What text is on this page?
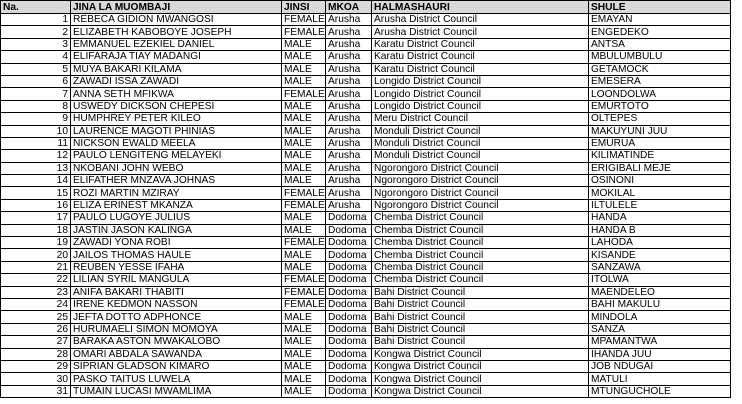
Na.	JINA LA MUOMBAJI	JINSI	MKOA	HALMASHAURI	SHULE
1	REBECA GIDION MWANGOSI	FEMALE	Arusha	Arusha District Council	EMAYAN
2	ELIZABETH KABOBOYE JOSEPH	FEMALE	Arusha	Arusha District Council	ENGEDEKO
3	EMMANUEL EZEKIEL DANIEL	MALE	Arusha	Karatu District Council	ANTSA
4	ELIFARAJA TIAY MADANGI	MALE	Arusha	Karatu District Council	MBULUMBULU
5	MUYA BAKARI KILAMA	MALE	Arusha	Karatu District Council	GETAMOCK
6	ZAWADI ISSA ZAWADI	MALE	Arusha	Longido District Council	EMESERA
7	ANNA SETH MFIKWA	FEMALE	Arusha	Longido District Council	LOONDOLWA
8	USWEDY DICKSON CHEPESI	MALE	Arusha	Longido District Council	EMURTOTO
9	HUMPHREY PETER KILEO	MALE	Arusha	Meru District Council	OLTEPES
10	LAURENCE MAGOTI PHINIAS	MALE	Arusha	Monduli District Council	MAKUYUNI JUU
11	NICKSON EWALD MEELA	MALE	Arusha	Monduli District Council	EMURUA
12	PAULO LENGITENG MELAYEKI	MALE	Arusha	Monduli District Council	KILIMATINDE
13	NKOBANI JOHN WEBO	MALE	Arusha	Ngorongoro District Council	ERIGIBALI MEJE
14	ELIFATHER MNZAVA JOHNAS	MALE	Arusha	Ngorongoro District Council	OSINONI
15	ROZI MARTIN MZIRAY	FEMALE	Arusha	Ngorongoro District Council	MOKILAL
16	ELIZA ERINEST MKANZA	FEMALE	Arusha	Ngorongoro District Council	ILTULELE
17	PAULO LUGOYE JULIUS	MALE	Dodoma	Chemba District Council	HANDA
18	JASTIN JASON KALINGA	MALE	Dodoma	Chemba District Council	HANDA B
19	ZAWADI YONA ROBI	FEMALE	Dodoma	Chemba District Council	LAHODA
20	JAILOS THOMAS HAULE	MALE	Dodoma	Chemba District Council	KISANDE
21	REUBEN YESSE IFAHA	MALE	Dodoma	Chemba District Council	SANZAWA
22	LILIAN SYRIL MANGULA	FEMALE	Dodoma	Chemba District Council	ITOLWA
23	ANIFA BAKARI THABITI	FEMALE	Dodoma	Bahi District Council	MAENDELEO
24	IRENE KEDMON NASSON	FEMALE	Dodoma	Bahi District Council	BAHI MAKULU
25	JEFTA DOTTO ADPHONCE	MALE	Dodoma	Bahi District Council	MINDOLA
26	HURUMAELI SIMON MOMOYA	MALE	Dodoma	Bahi District Council	SANZA
27	BARAKA ASTON MWAKALOBO	MALE	Dodoma	Bahi District Council	MPAMANTWA
28	OMARI ABDALA SAWANDA	MALE	Dodoma	Kongwa District Council	IHANDA JUU
29	SIPRIAN GLADSON KIMARO	MALE	Dodoma	Kongwa District Council	JOB NDUGAI
30	PASKO TAITUS LUWELA	MALE	Dodoma	Kongwa District Council	MATULI
31	TUMAIN LUCASI MWAMLIMA	MALE	Dodoma	Kongwa District Council	MTUNGUCHOLE
